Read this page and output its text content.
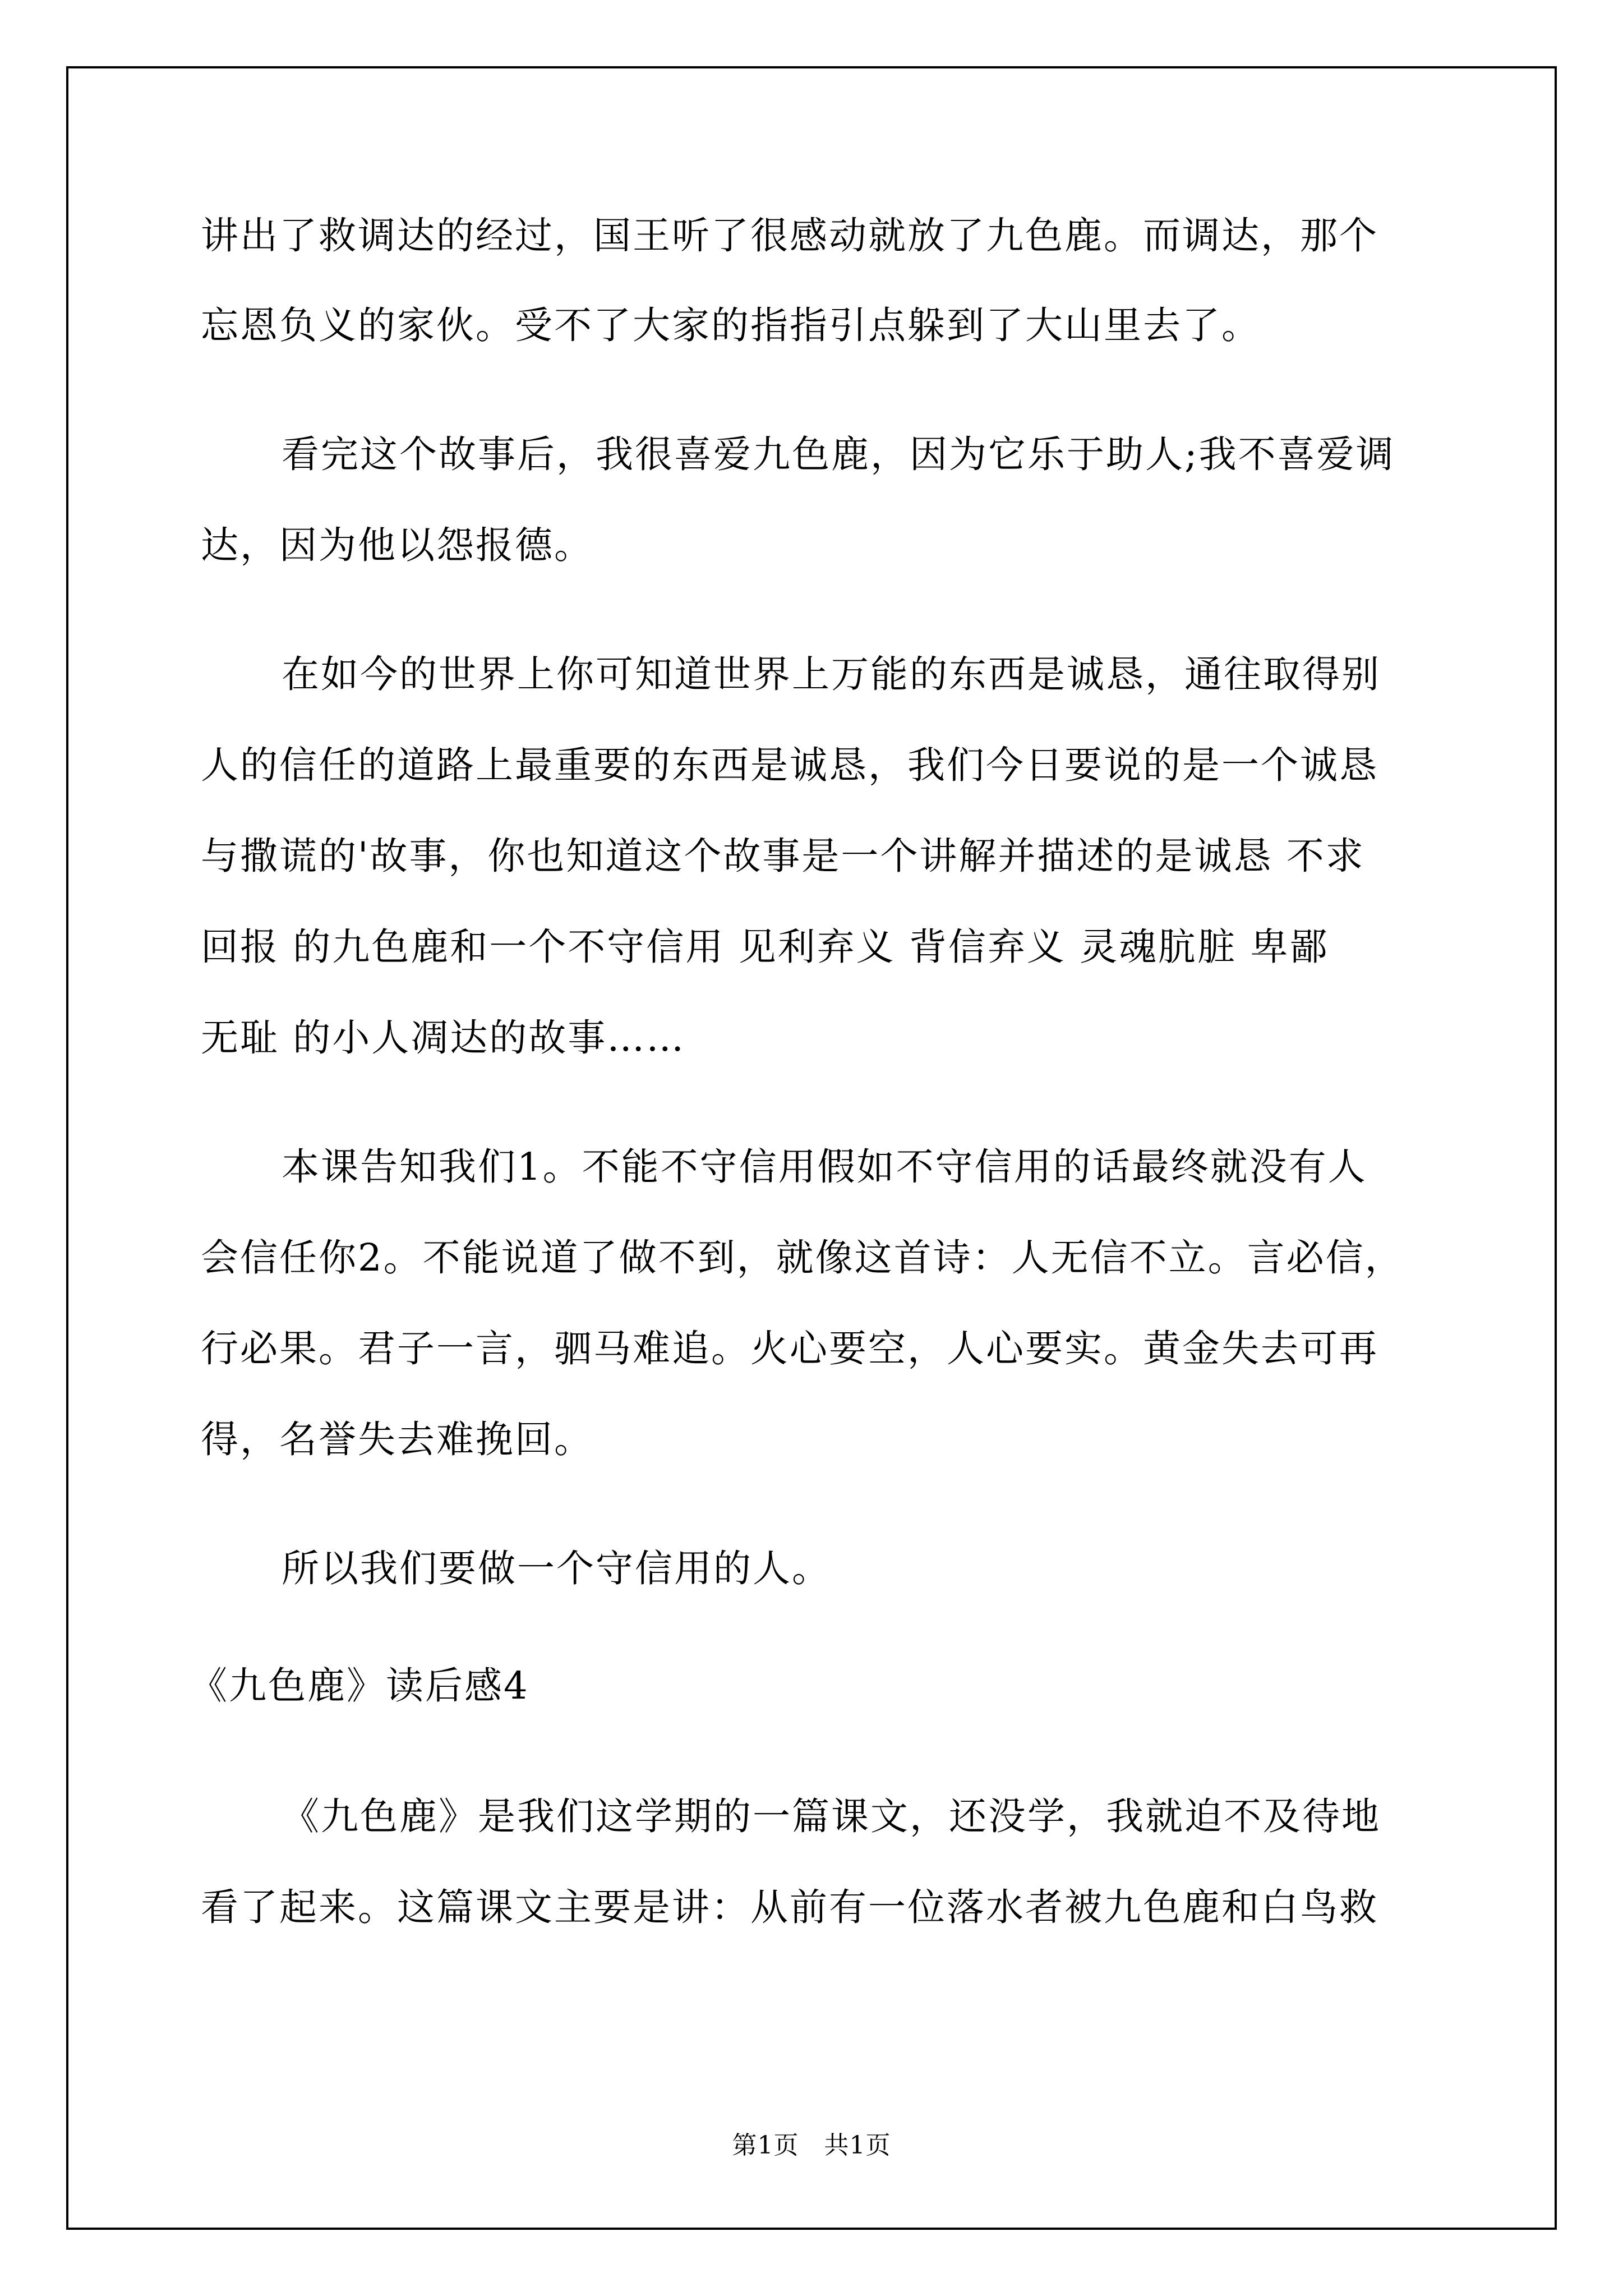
讲出了救调达的经过，国王听了很感动就放了九色鹿。而调达，那个

忘恩负义的家伙。受不了大家的指指引点躲到了大山里去了。

看完这个故事后，我很喜爱九色鹿，因为它乐于助人;我不喜爱调

达，因为他以怨报德。

在如今的世界上你可知道世界上万能的东西是诚恳，通往取得别

人的信任的道路上最重要的东西是诚恳，我们今日要说的是一个诚恳

与撒谎的'故事，你也知道这个故事是一个讲解并描述的是诚恳 不求

回报 的九色鹿和一个不守信用 见利弃义 背信弃义 灵魂肮脏 卑鄙

无耻 的小人凋达的故事……

本课告知我们1。不能不守信用假如不守信用的话最终就没有人

会信任你2。不能说道了做不到，就像这首诗：人无信不立。言必信，

行必果。君子一言，驷马难追。火心要空，人心要实。黄金失去可再

得，名誉失去难挽回。

所以我们要做一个守信用的人。

《九色鹿》读后感4

《九色鹿》是我们这学期的一篇课文，还没学，我就迫不及待地

看了起来。这篇课文主要是讲：从前有一位落水者被九色鹿和白鸟救

第1页　共1页
